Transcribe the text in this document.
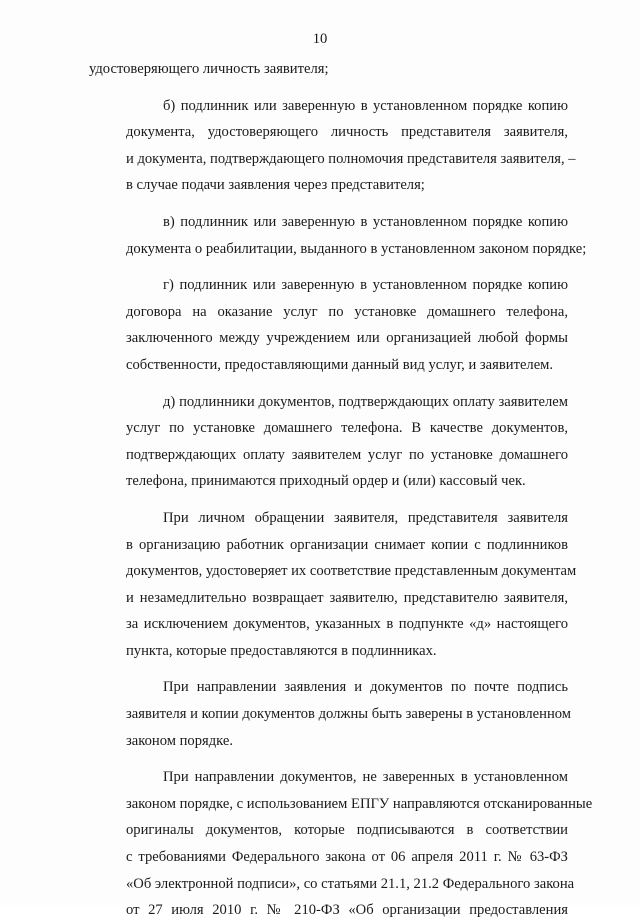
10

удостоверяющего личность заявителя;

б) подлинник или заверенную в установленном порядке копию
документа, удостоверяющего личность представителя заявителя,
и документа, подтверждающего полномочия представителя заявителя, –
в случае подачи заявления через представителя;

в) подлинник или заверенную в установленном порядке копию
документа о реабилитации, выданного в установленном законом порядке;

г) подлинник или заверенную в установленном порядке копию
договора на оказание услуг по установке домашнего телефона,
заключенного между учреждением или организацией любой формы
собственности, предоставляющими данный вид услуг, и заявителем.

д) подлинники документов, подтверждающих оплату заявителем
услуг по установке домашнего телефона. В качестве документов,
подтверждающих оплату заявителем услуг по установке домашнего
телефона, принимаются приходный ордер и (или) кассовый чек.

При личном обращении заявителя, представителя заявителя
в организацию работник организации снимает копии с подлинников
документов, удостоверяет их соответствие представленным документам
и незамедлительно возвращает заявителю, представителю заявителя,
за исключением документов, указанных в подпункте «д» настоящего
пункта, которые предоставляются в подлинниках.

При направлении заявления и документов по почте подпись
заявителя и копии документов должны быть заверены в установленном
законом порядке.

При направлении документов, не заверенных в установленном
законом порядке, с использованием ЕПГУ направляются отсканированные
оригиналы документов, которые подписываются в соответствии
с требованиями Федерального закона от 06 апреля 2011 г. № 63-ФЗ
«Об электронной подписи», со статьями 21.1, 21.2 Федерального закона
от 27 июля 2010 г. № 210-ФЗ «Об организации предоставления
